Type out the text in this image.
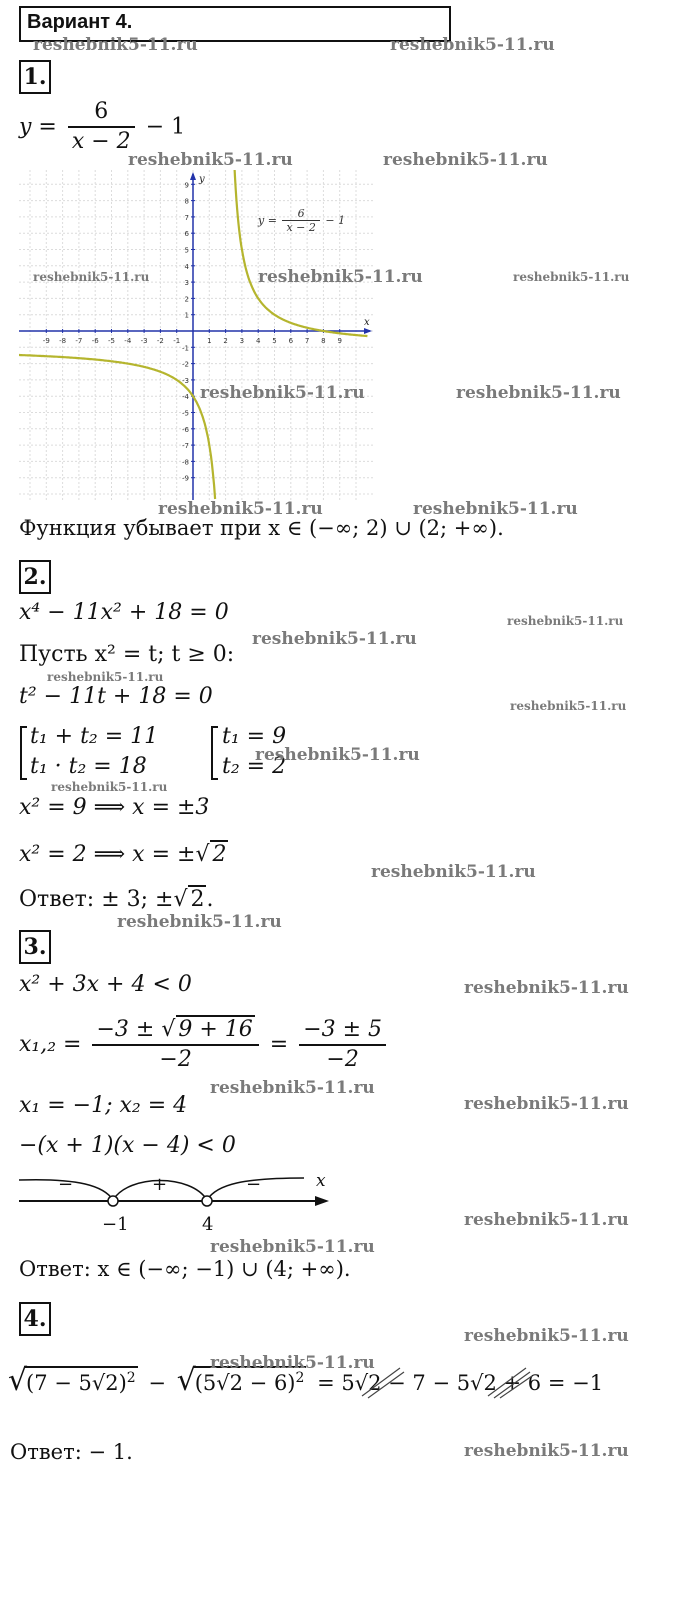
Вариант 4.
1.
$y = \frac{6}{x - 2} - 1$
x
y
-9 -8 -7 -6 -5 -4 -3 -2 -1	1 2 3 4 5 6 7 8 9
9
8
7
6
5
4
3
2
1
-1
-2
-3
-4
-5
-6
-7
-8
-9
$y = \frac{6}{x - 2} - 1$
Функция убывает при x ∈ (−∞; 2) ∪ (2; +∞).
2.
x⁴ − 11x² + 18 = 0
Пусть x² = t; t ≥ 0:
t² − 11t + 18 = 0
t₁ + t₂ = 11
t₁ · t₂ = 18
t₁ = 9
t₂ = 2
x² = 9 ⟹ x = ±3
x² = 2 ⟹ x = ±√ 2
Ответ: ± 3; ±√ 2.
3.
x² + 3x + 4 < 0
$x_1,_2 = \frac{-3 \pm √ 9 + 16}{-2} = \frac{-3 \pm 5}{-2}$
x₁ = −1; x₂ = 4
−(x + 1)(x − 4) < 0
−	+	−	x
−1	4
Ответ: x ∈ (−∞; −1) ∪ (4; +∞).
4.
√
$(7 - 5√2)^2$ − √
$(5√2 - 6)^2 = 5√2 - 7 - 5√2 + 6 = -1$
Ответ: − 1.
reshebnik5-11.ru	reshebnik5-11.ru
reshebnik5-11.ru	reshebnik5-11.ru
reshebnik5-11.ru	reshebnik5-11.ru	reshebnik5-11.ru
reshebnik5-11.ru	reshebnik5-11.ru
reshebnik5-11.ru	reshebnik5-11.ru
reshebnik5-11.ru
reshebnik5-11.ru
reshebnik5-11.ru
reshebnik5-11.ru
reshebnik5-11.ru
reshebnik5-11.ru
reshebnik5-11.ru
reshebnik5-11.ru
reshebnik5-11.ru
reshebnik5-11.ru
reshebnik5-11.ru
reshebnik5-11.ru
reshebnik5-11.ru
reshebnik5-11.ru
reshebnik5-11.ru
reshebnik5-11.ru
